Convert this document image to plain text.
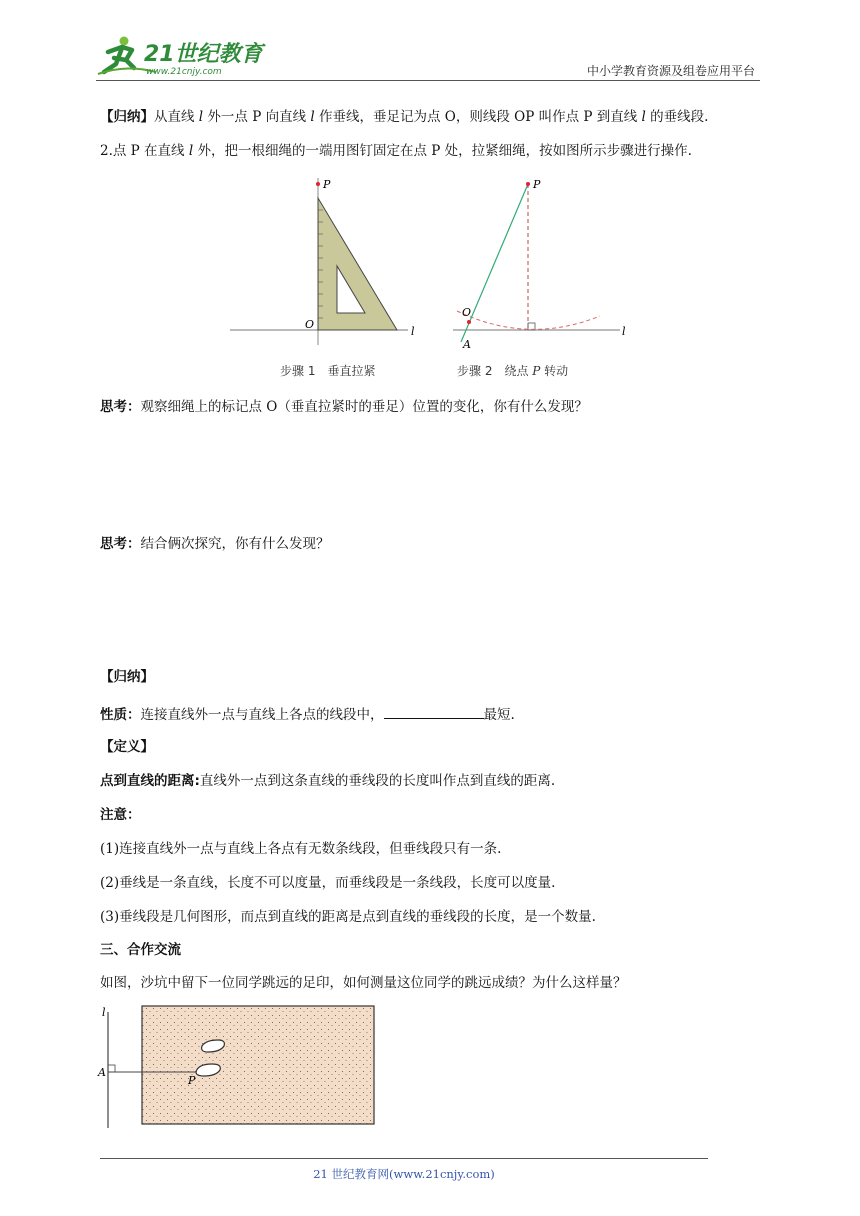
21世纪教育
www.21cnjy.com	中小学教育资源及组卷应用平台
【归纳】从直线 l 外一点 P 向直线 l 作垂线，垂足记为点 O，则线段 OP 叫作点 P 到直线 l 的垂线段.
2.点 P 在直线 l 外，把一根细绳的一端用图钉固定在点 P 处，拉紧细绳，按如图所示步骤进行操作.
P
O
l
步骤 1　垂直拉紧
P
O
A
l
步骤 2　绕点 P 转动
思考：观察细绳上的标记点 O（垂直拉紧时的垂足）位置的变化，你有什么发现？
思考：结合俩次探究，你有什么发现？
【归纳】
性质：连接直线外一点与直线上各点的线段中，	最短.
【定义】
点到直线的距离:直线外一点到这条直线的垂线段的长度叫作点到直线的距离.
注意：
(1)连接直线外一点与直线上各点有无数条线段，但垂线段只有一条.
(2)垂线是一条直线，长度不可以度量，而垂线段是一条线段，长度可以度量.
(3)垂线段是几何图形，而点到直线的距离是点到直线的垂线段的长度，是一个数量.
三、合作交流
如图，沙坑中留下一位同学跳远的足印，如何测量这位同学的跳远成绩？为什么这样量？
l
A
P
21 世纪教育网(www.21cnjy.com)
